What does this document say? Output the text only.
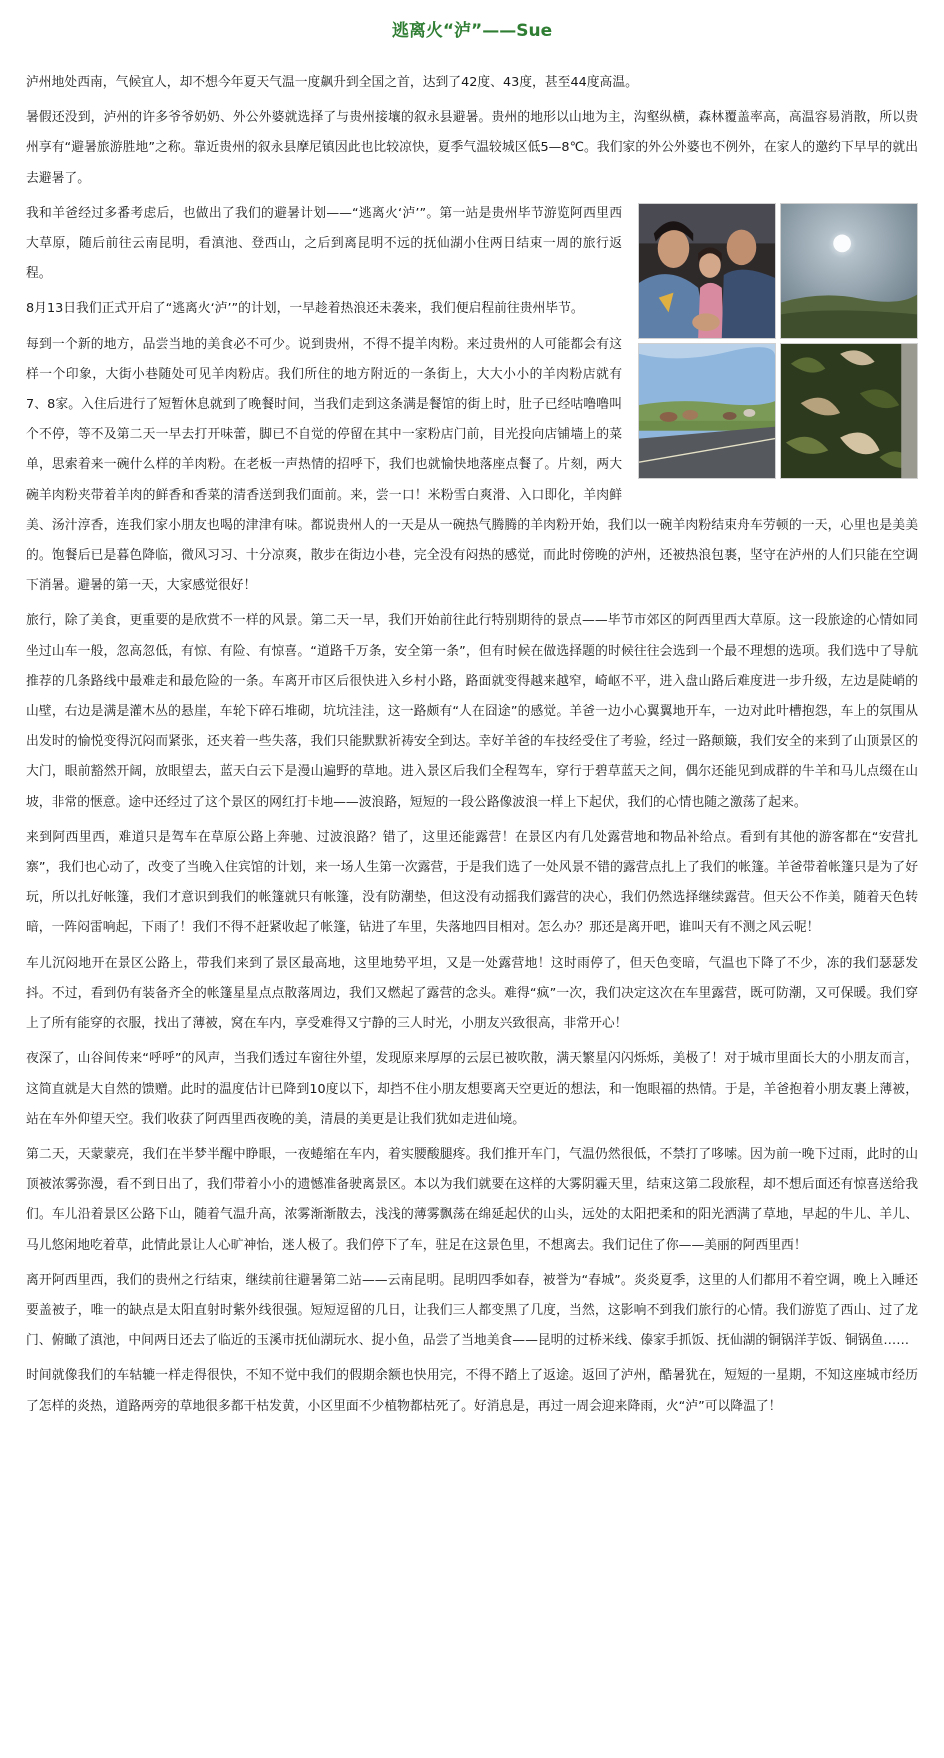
逃离火“泸”——Sue

泸州地处西南，气候宜人，却不想今年夏天气温一度飙升到全国之首，达到了42度、43度，甚至44度高温。

暑假还没到，泸州的许多爷爷奶奶、外公外婆就选择了与贵州接壤的叙永县避暑。贵州的地形以山地为主，沟壑纵横，森林覆盖率高，高温容易消散，所以贵州享有“避暑旅游胜地”之称。靠近贵州的叙永县摩尼镇因此也比较凉快，夏季气温较城区低5—8℃。我们家的外公外婆也不例外，在家人的邀约下早早的就出去避暑了。

我和羊爸经过多番考虑后，也做出了我们的避暑计划——“逃离火‘泸’”。第一站是贵州毕节游览阿西里西大草原，随后前往云南昆明，看滇池、登西山，之后到离昆明不远的抚仙湖小住两日结束一周的旅行返程。

8月13日我们正式开启了“逃离火‘泸’”的计划，一早趁着热浪还未袭来，我们便启程前往贵州毕节。

每到一个新的地方，品尝当地的美食必不可少。说到贵州，不得不提羊肉粉。来过贵州的人可能都会有这样一个印象，大街小巷随处可见羊肉粉店。我们所住的地方附近的一条街上，大大小小的羊肉粉店就有7、8家。入住后进行了短暂休息就到了晚餐时间，当我们走到这条满是餐馆的街上时，肚子已经咕噜噜叫个不停，等不及第二天一早去打开味蕾，脚已不自觉的停留在其中一家粉店门前，目光投向店铺墙上的菜单，思索着来一碗什么样的羊肉粉。在老板一声热情的招呼下，我们也就愉快地落座点餐了。片刻，两大碗羊肉粉夹带着羊肉的鲜香和香菜的清香送到我们面前。来，尝一口！米粉雪白爽滑、入口即化，羊肉鲜美、汤汁淳香，连我们家小朋友也喝的津津有味。都说贵州人的一天是从一碗热气腾腾的羊肉粉开始，我们以一碗羊肉粉结束舟车劳顿的一天，心里也是美美的。饱餐后已是暮色降临，微风习习、十分凉爽，散步在街边小巷，完全没有闷热的感觉，而此时傍晚的泸州，还被热浪包裹，坚守在泸州的人们只能在空调下消暑。避暑的第一天，大家感觉很好！

旅行，除了美食，更重要的是欣赏不一样的风景。第二天一早，我们开始前往此行特别期待的景点——毕节市郊区的阿西里西大草原。这一段旅途的心情如同坐过山车一般，忽高忽低，有惊、有险、有惊喜。“道路千万条，安全第一条”，但有时候在做选择题的时候往往会选到一个最不理想的选项。我们选中了导航推荐的几条路线中最难走和最危险的一条。车离开市区后很快进入乡村小路，路面就变得越来越窄，崎岖不平，进入盘山路后难度进一步升级，左边是陡峭的山壁，右边是满是灌木丛的悬崖，车轮下碎石堆砌，坑坑洼洼，这一路颇有“人在囧途”的感觉。羊爸一边小心翼翼地开车，一边对此叶槽抱怨，车上的氛围从出发时的愉悦变得沉闷而紧张，还夹着一些失落，我们只能默默祈祷安全到达。幸好羊爸的车技经受住了考验，经过一路颠簸，我们安全的来到了山顶景区的大门，眼前豁然开阔，放眼望去，蓝天白云下是漫山遍野的草地。进入景区后我们全程驾车，穿行于碧草蓝天之间，偶尔还能见到成群的牛羊和马儿点缀在山坡，非常的惬意。途中还经过了这个景区的网红打卡地——波浪路，短短的一段公路像波浪一样上下起伏，我们的心情也随之激荡了起来。

来到阿西里西，难道只是驾车在草原公路上奔驰、过波浪路？错了，这里还能露营！在景区内有几处露营地和物品补给点。看到有其他的游客都在“安营扎寨”，我们也心动了，改变了当晚入住宾馆的计划，来一场人生第一次露营，于是我们选了一处风景不错的露营点扎上了我们的帐篷。羊爸带着帐篷只是为了好玩，所以扎好帐篷，我们才意识到我们的帐篷就只有帐篷，没有防潮垫，但这没有动摇我们露营的决心，我们仍然选择继续露营。但天公不作美，随着天色转暗，一阵闷雷响起，下雨了！我们不得不赶紧收起了帐篷，钻进了车里，失落地四目相对。怎么办？那还是离开吧，谁叫天有不测之风云呢！

车儿沉闷地开在景区公路上，带我们来到了景区最高地，这里地势平坦，又是一处露营地！这时雨停了，但天色变暗，气温也下降了不少，冻的我们瑟瑟发抖。不过，看到仍有装备齐全的帐篷星星点点散落周边，我们又燃起了露营的念头。难得“疯”一次，我们决定这次在车里露营，既可防潮，又可保暖。我们穿上了所有能穿的衣服，找出了薄被，窝在车内，享受难得又宁静的三人时光，小朋友兴致很高，非常开心！

夜深了，山谷间传来“呼呼”的风声，当我们透过车窗往外望，发现原来厚厚的云层已被吹散，满天繁星闪闪烁烁，美极了！对于城市里面长大的小朋友而言，这简直就是大自然的馈赠。此时的温度估计已降到10度以下，却挡不住小朋友想要离天空更近的想法，和一饱眼福的热情。于是，羊爸抱着小朋友裹上薄被，站在车外仰望天空。我们收获了阿西里西夜晚的美，清晨的美更是让我们犹如走进仙境。

第二天，天蒙蒙亮，我们在半梦半醒中睁眼，一夜蜷缩在车内，着实腰酸腿疼。我们推开车门，气温仍然很低，不禁打了哆嗦。因为前一晚下过雨，此时的山顶被浓雾弥漫，看不到日出了，我们带着小小的遗憾准备驶离景区。本以为我们就要在这样的大雾阴霾天里，结束这第二段旅程，却不想后面还有惊喜送给我们。车儿沿着景区公路下山，随着气温升高，浓雾渐渐散去，浅浅的薄雾飘荡在绵延起伏的山头，远处的太阳把柔和的阳光洒满了草地，早起的牛儿、羊儿、马儿悠闲地吃着草，此情此景让人心旷神怡，迷人极了。我们停下了车，驻足在这景色里，不想离去。我们记住了你——美丽的阿西里西！

离开阿西里西，我们的贵州之行结束，继续前往避暑第二站——云南昆明。昆明四季如春，被誉为“春城”。炎炎夏季，这里的人们都用不着空调，晚上入睡还要盖被子，唯一的缺点是太阳直射时紫外线很强。短短逗留的几日，让我们三人都变黑了几度，当然，这影响不到我们旅行的心情。我们游览了西山、过了龙门、俯瞰了滇池，中间两日还去了临近的玉溪市抚仙湖玩水、捉小鱼，品尝了当地美食——昆明的过桥米线、傣家手抓饭、抚仙湖的铜锅洋芋饭、铜锅鱼……

时间就像我们的车轱辘一样走得很快，不知不觉中我们的假期余额也快用完，不得不踏上了返途。返回了泸州，酷暑犹在，短短的一星期，不知这座城市经历了怎样的炎热，道路两旁的草地很多都干枯发黄，小区里面不少植物都枯死了。好消息是，再过一周会迎来降雨，火“泸”可以降温了！
